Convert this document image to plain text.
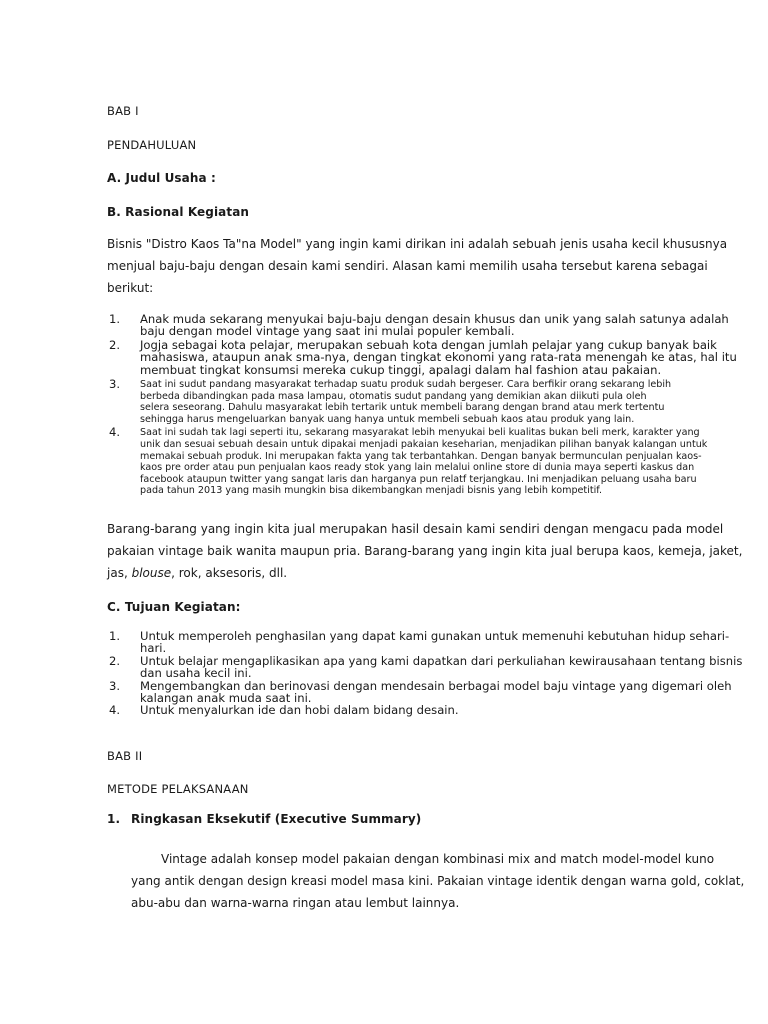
BAB I

PENDAHULUAN

A. Judul Usaha :

B. Rasional Kegiatan

Bisnis "Distro Kaos Ta"na Model" yang ingin kami dirikan ini adalah sebuah jenis usaha kecil khususnya
menjual baju-baju dengan desain kami sendiri. Alasan kami memilih usaha tersebut karena sebagai
berikut:
1. Anak muda sekarang menyukai baju-baju dengan desain khusus dan unik yang salah satunya adalah
baju dengan model vintage yang saat ini mulai populer kembali.
2. Jogja sebagai kota pelajar, merupakan sebuah kota dengan jumlah pelajar yang cukup banyak baik
mahasiswa, ataupun anak sma-nya, dengan tingkat ekonomi yang rata-rata menengah ke atas, hal itu
membuat tingkat konsumsi mereka cukup tinggi, apalagi dalam hal fashion atau pakaian.
3. Saat ini sudut pandang masyarakat terhadap suatu produk sudah bergeser. Cara berfikir orang sekarang lebih
berbeda dibandingkan pada masa lampau, otomatis sudut pandang yang demikian akan diikuti pula oleh
selera seseorang. Dahulu masyarakat lebih tertarik untuk membeli barang dengan brand atau merk tertentu
sehingga harus mengeluarkan banyak uang hanya untuk membeli sebuah kaos atau produk yang lain.
4. Saat ini sudah tak lagi seperti itu, sekarang masyarakat lebih menyukai beli kualitas bukan beli merk, karakter yang
unik dan sesuai sebuah desain untuk dipakai menjadi pakaian keseharian, menjadikan pilihan banyak kalangan untuk
memakai sebuah produk. Ini merupakan fakta yang tak terbantahkan. Dengan banyak bermunculan penjualan kaos-
kaos pre order atau pun penjualan kaos ready stok yang lain melalui online store di dunia maya seperti kaskus dan
facebook ataupun twitter yang sangat laris dan harganya pun relatf terjangkau. Ini menjadikan peluang usaha baru
pada tahun 2013 yang masih mungkin bisa dikembangkan menjadi bisnis yang lebih kompetitif.
Barang-barang yang ingin kita jual merupakan hasil desain kami sendiri dengan mengacu pada model
pakaian vintage baik wanita maupun pria. Barang-barang yang ingin kita jual berupa kaos, kemeja, jaket,
jas, blouse, rok, aksesoris, dll.

C. Tujuan Kegiatan:

1. Untuk memperoleh penghasilan yang dapat kami gunakan untuk memenuhi kebutuhan hidup sehari-
hari.
2. Untuk belajar mengaplikasikan apa yang kami dapatkan dari perkuliahan kewirausahaan tentang bisnis
dan usaha kecil ini.
3. Mengembangkan dan berinovasi dengan mendesain berbagai model baju vintage yang digemari oleh
kalangan anak muda saat ini.
4. Untuk menyalurkan ide dan hobi dalam bidang desain.

BAB II

METODE PELAKSANAAN

1. Ringkasan Eksekutif (Executive Summary)

Vintage adalah konsep model pakaian dengan kombinasi mix and match model-model kuno
yang antik dengan design kreasi model masa kini. Pakaian vintage identik dengan warna gold, coklat,
abu-abu dan warna-warna ringan atau lembut lainnya.
